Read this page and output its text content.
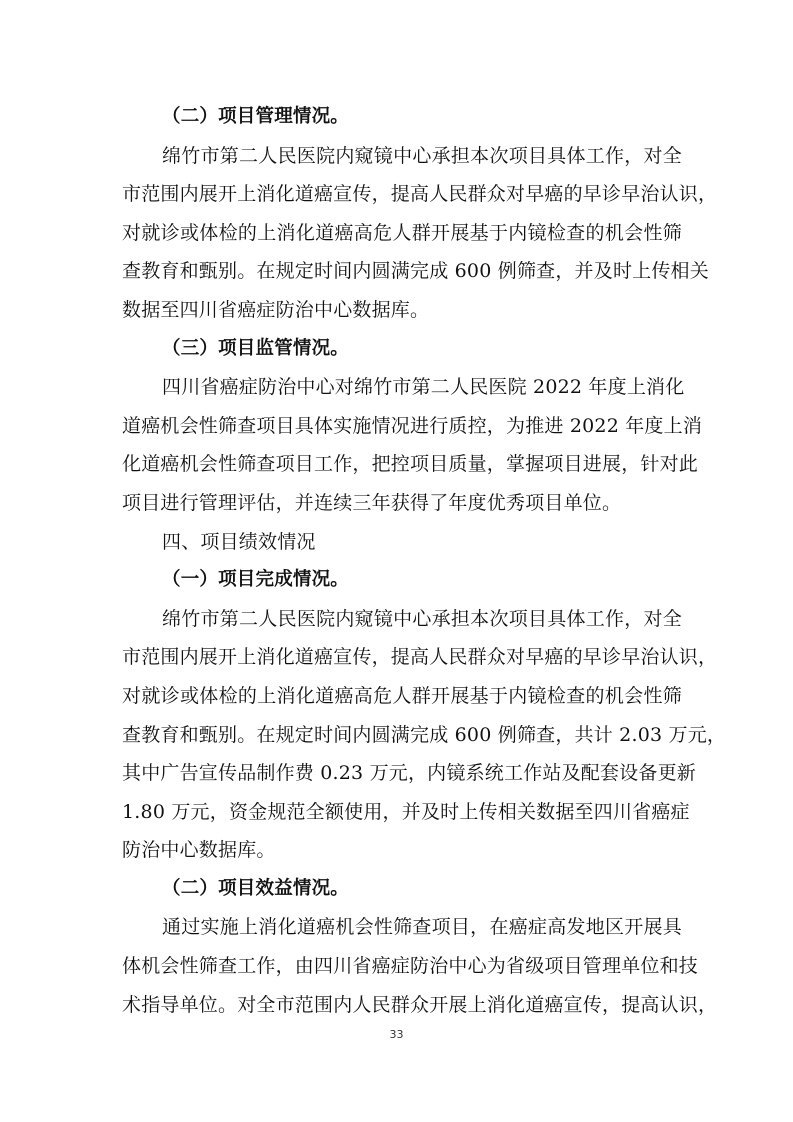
（二）项目管理情况。
绵竹市第二人民医院内窥镜中心承担本次项目具体工作，对全
市范围内展开上消化道癌宣传，提高人民群众对早癌的早诊早治认识，
对就诊或体检的上消化道癌高危人群开展基于内镜检查的机会性筛
查教育和甄别。在规定时间内圆满完成 600 例筛查，并及时上传相关
数据至四川省癌症防治中心数据库。
（三）项目监管情况。
四川省癌症防治中心对绵竹市第二人民医院 2022 年度上消化
道癌机会性筛查项目具体实施情况进行质控，为推进 2022 年度上消
化道癌机会性筛查项目工作，把控项目质量，掌握项目进展，针对此
项目进行管理评估，并连续三年获得了年度优秀项目单位。
四、项目绩效情况
（一）项目完成情况。
绵竹市第二人民医院内窥镜中心承担本次项目具体工作，对全
市范围内展开上消化道癌宣传，提高人民群众对早癌的早诊早治认识，
对就诊或体检的上消化道癌高危人群开展基于内镜检查的机会性筛
查教育和甄别。在规定时间内圆满完成 600 例筛查，共计 2.03 万元，
其中广告宣传品制作费 0.23 万元，内镜系统工作站及配套设备更新
1.80 万元，资金规范全额使用，并及时上传相关数据至四川省癌症
防治中心数据库。
（二）项目效益情况。
通过实施上消化道癌机会性筛查项目，在癌症高发地区开展具
体机会性筛查工作，由四川省癌症防治中心为省级项目管理单位和技
术指导单位。对全市范围内人民群众开展上消化道癌宣传，提高认识，
33
